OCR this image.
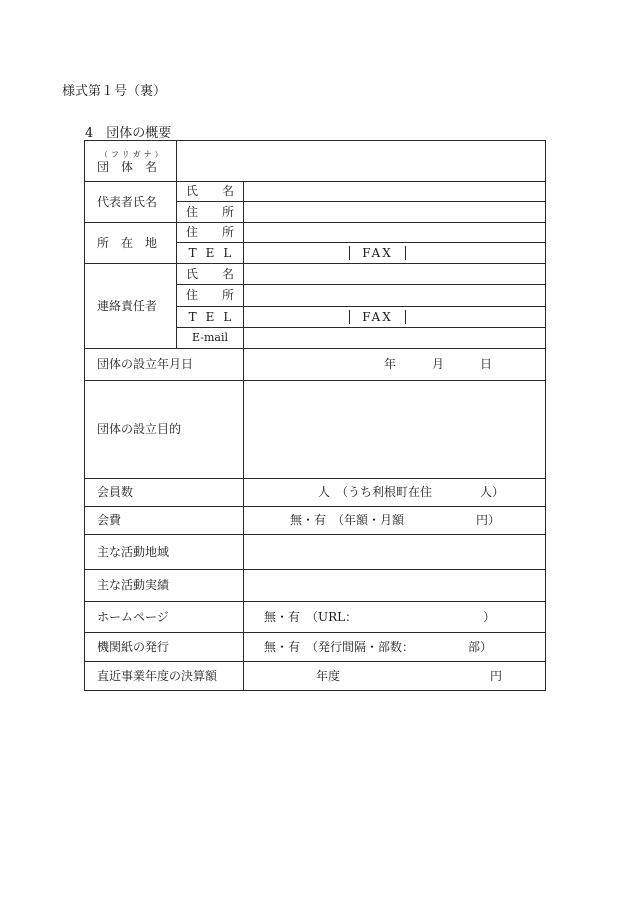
様式第１号（裏）
4　団体の概要
（フリガナ）
団　体　名		
代表者氏名	氏　名	
	住　所	
所　在　地	住　所	
	TEL	FAX

連絡責任者	氏　名	
	住　所	
	TEL	FAX

	E-mail	
団体の設立年月日		年　　　月　　　日
団体の設立目的		
会員数		人　（うち利根町在住　　　　人）
会費		無・有　（年額・月額　　　　　　円）
主な活動地域		
主な活動実績		
ホームページ		無・有　（URL：　　　　　　　　　　　）
機関紙の発行		無・有　（発行間隔・部数：　　　　　部）
直近事業年度の決算額		年度 円
